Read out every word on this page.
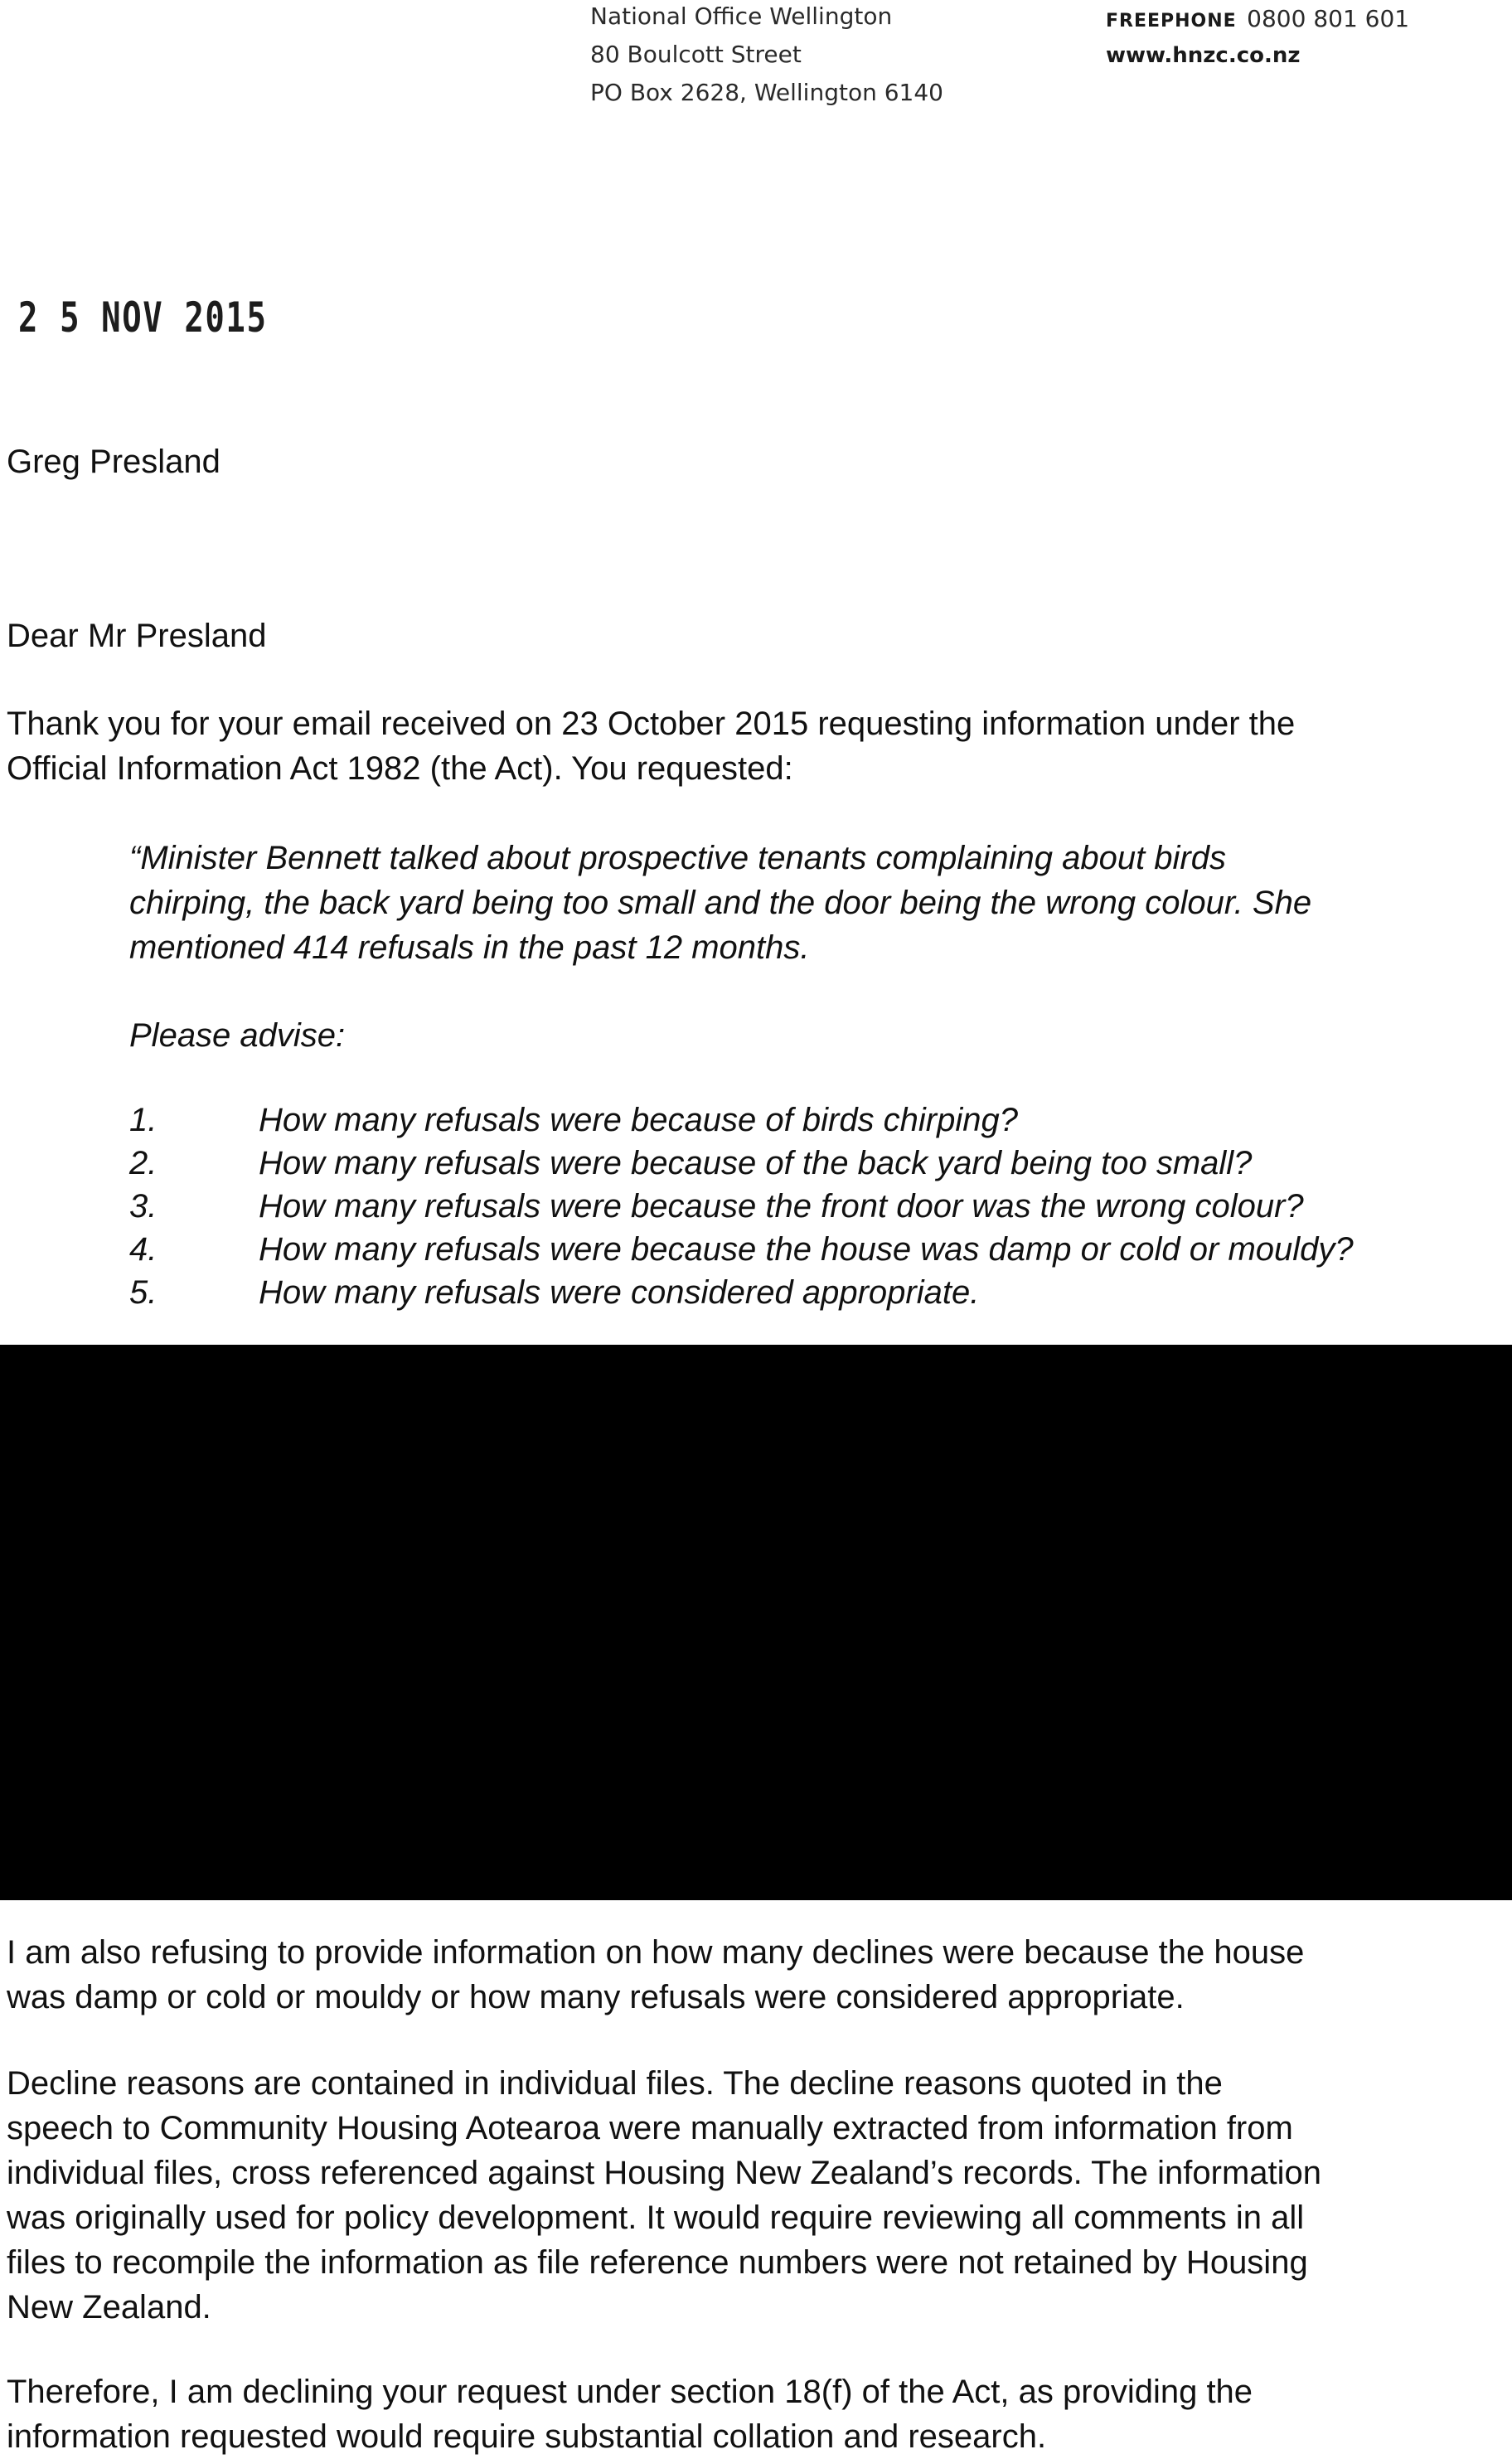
National Office Wellington
80 Boulcott Street
PO Box 2628, Wellington 6140
FREEPHONE 0800 801 601
www.hnzc.co.nz
2 5 NOV 2015
Greg Presland
Dear Mr Presland
Thank you for your email received on 23 October 2015 requesting information under the
Official Information Act 1982 (the Act). You requested:
“Minister Bennett talked about prospective tenants complaining about birds
chirping, the back yard being too small and the door being the wrong colour. She
mentioned 414 refusals in the past 12 months.
Please advise:
1.	How many refusals were because of birds chirping?
2.	How many refusals were because of the back yard being too small?
3.	How many refusals were because the front door was the wrong colour?
4.	How many refusals were because the house was damp or cold or mouldy?
5.	How many refusals were considered appropriate.
I am also refusing to provide information on how many declines were because the house
was damp or cold or mouldy or how many refusals were considered appropriate.
Decline reasons are contained in individual files. The decline reasons quoted in the
speech to Community Housing Aotearoa were manually extracted from information from
individual files, cross referenced against Housing New Zealand’s records. The information
was originally used for policy development. It would require reviewing all comments in all
files to recompile the information as file reference numbers were not retained by Housing
New Zealand.
Therefore, I am declining your request under section 18(f) of the Act, as providing the
information requested would require substantial collation and research.
